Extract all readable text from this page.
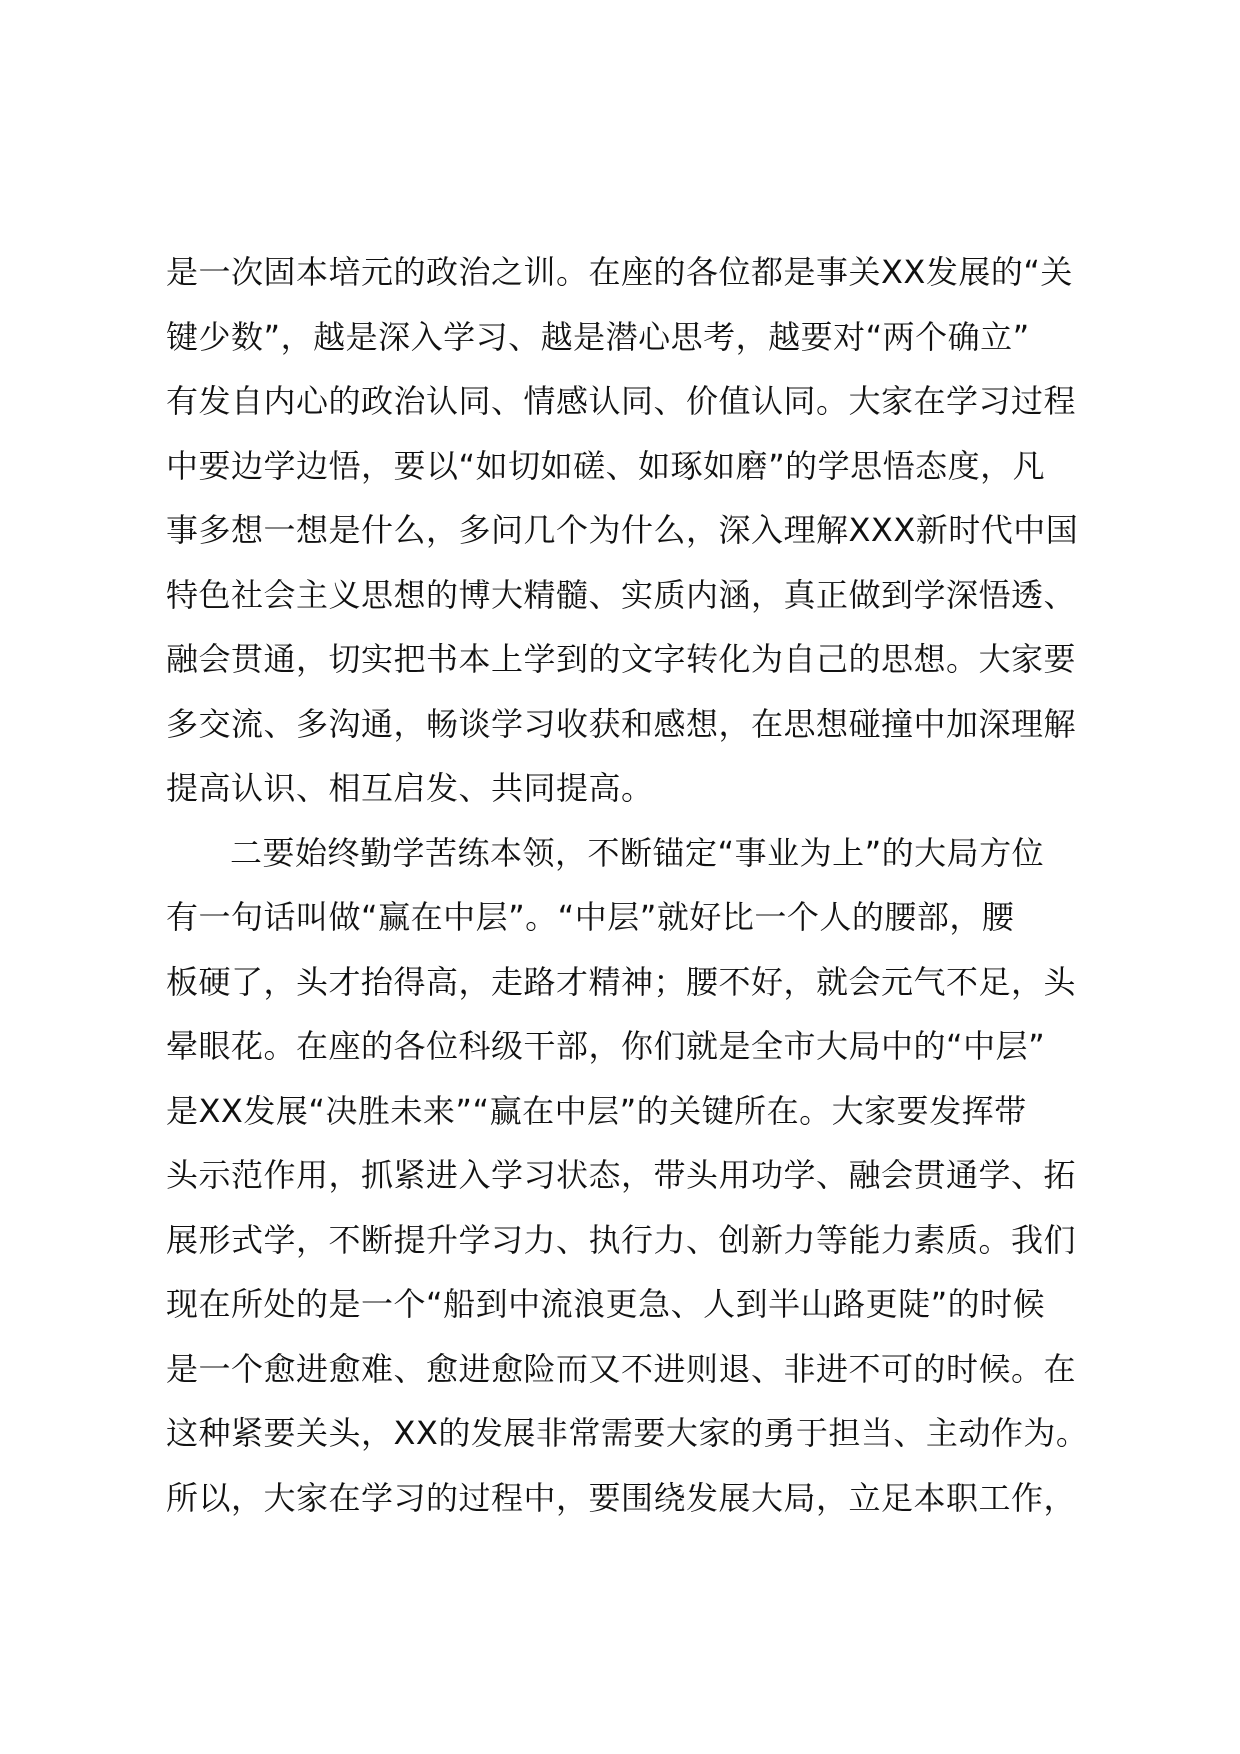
是一次固本培元的政治之训。在座的各位都是事关XX发展的“关
键少数”，越是深入学习、越是潜心思考，越要对“两个确立”
有发自内心的政治认同、情感认同、价值认同。大家在学习过程
中要边学边悟，要以“如切如磋、如琢如磨”的学思悟态度，凡
事多想一想是什么，多问几个为什么，深入理解XXX新时代中国
特色社会主义思想的博大精髓、实质内涵，真正做到学深悟透、
融会贯通，切实把书本上学到的文字转化为自己的思想。大家要
多交流、多沟通，畅谈学习收获和感想，在思想碰撞中加深理解
提高认识、相互启发、共同提高。
二要始终勤学苦练本领，不断锚定“事业为上”的大局方位
有一句话叫做“赢在中层”。“中层”就好比一个人的腰部，腰
板硬了，头才抬得高，走路才精神；腰不好，就会元气不足，头
晕眼花。在座的各位科级干部，你们就是全市大局中的“中层”
是XX发展“决胜未来”“赢在中层”的关键所在。大家要发挥带
头示范作用，抓紧进入学习状态，带头用功学、融会贯通学、拓
展形式学，不断提升学习力、执行力、创新力等能力素质。我们
现在所处的是一个“船到中流浪更急、人到半山路更陡”的时候
是一个愈进愈难、愈进愈险而又不进则退、非进不可的时候。在
这种紧要关头，XX的发展非常需要大家的勇于担当、主动作为。
所以，大家在学习的过程中，要围绕发展大局，立足本职工作，
